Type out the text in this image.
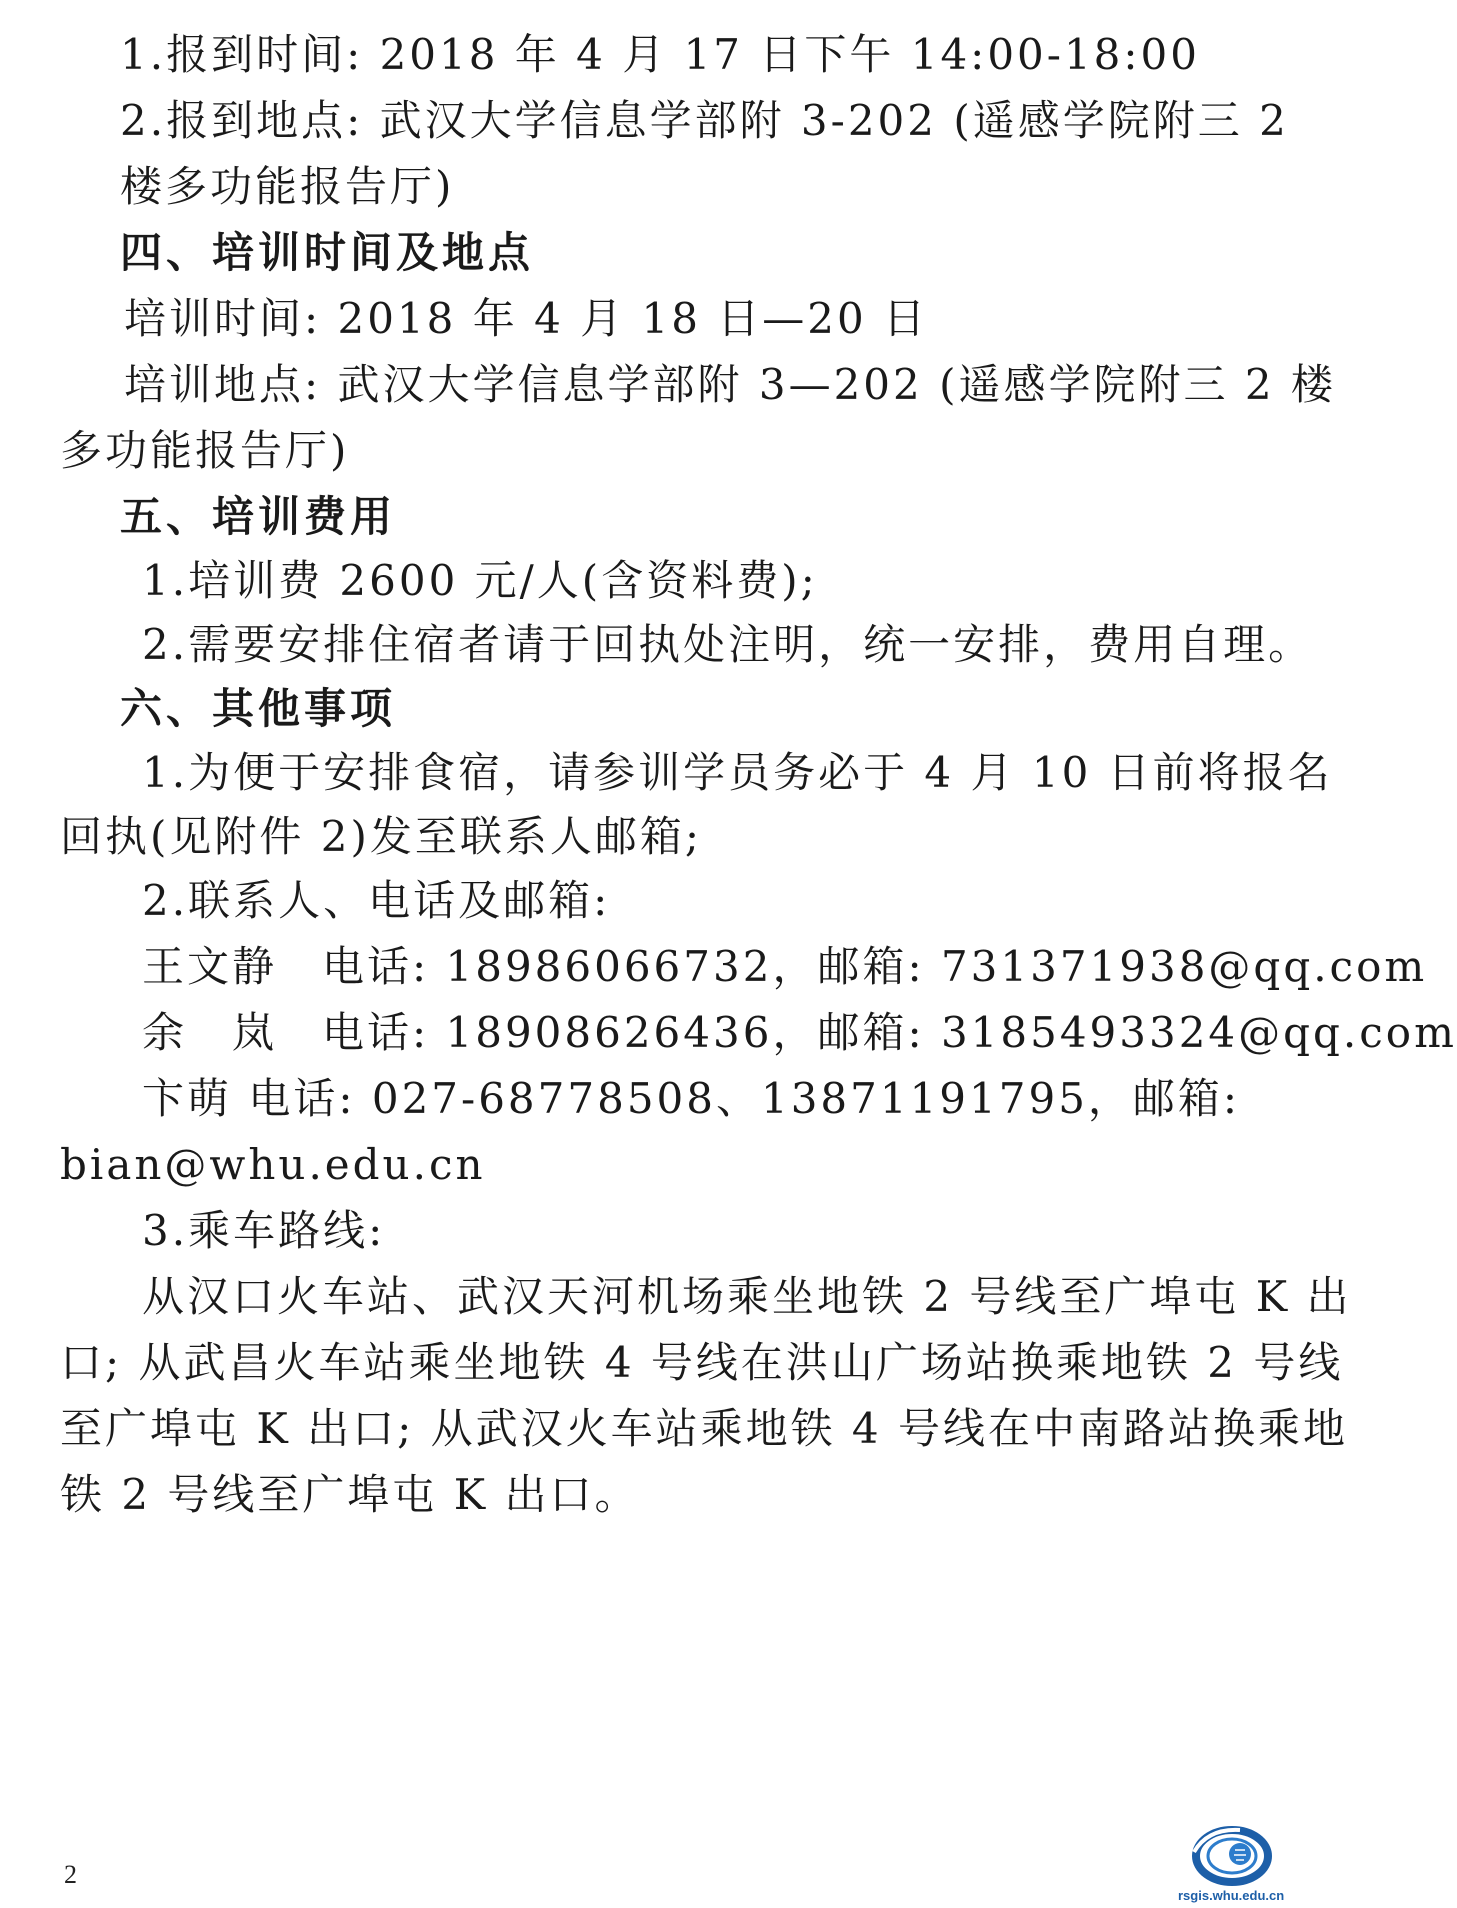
1.报到时间: 2018 年 4 月 17 日下午 14:00-18:00
2.报到地点: 武汉大学信息学部附 3-202 (遥感学院附三 2
楼多功能报告厅)
四、培训时间及地点
培训时间: 2018 年 4 月 18 日—20 日
培训地点: 武汉大学信息学部附 3—202 (遥感学院附三 2 楼
多功能报告厅)
五、培训费用
1.培训费 2600 元/人(含资料费);
2.需要安排住宿者请于回执处注明，统一安排，费用自理。
六、其他事项
1.为便于安排食宿，请参训学员务必于 4 月 10 日前将报名
回执(见附件 2)发至联系人邮箱;
2.联系人、电话及邮箱:
王文静　电话: 18986066732，邮箱: 731371938@qq.com
余　岚　电话: 18908626436，邮箱: 3185493324@qq.com
卞萌 电话: 027-68778508、13871191795，邮箱:
bian@whu.edu.cn
3.乘车路线:
从汉口火车站、武汉天河机场乘坐地铁 2 号线至广埠屯 K 出
口; 从武昌火车站乘坐地铁 4 号线在洪山广场站换乘地铁 2 号线
至广埠屯 K 出口; 从武汉火车站乘地铁 4 号线在中南路站换乘地
铁 2 号线至广埠屯 K 出口。
2
rsgis.whu.edu.cn
